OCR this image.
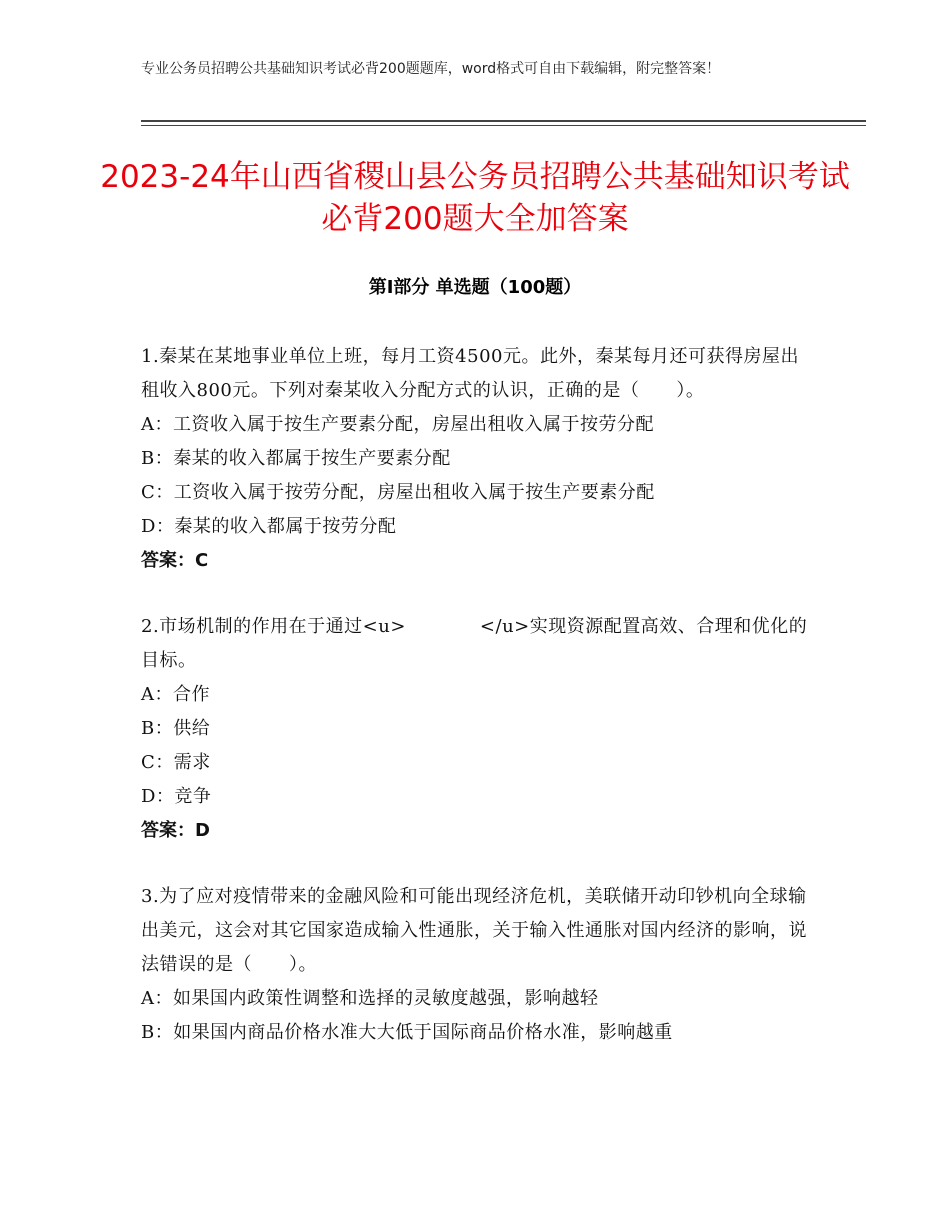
专业公务员招聘公共基础知识考试必背200题题库，word格式可自由下载编辑，附完整答案！
2023-24年山西省稷山县公务员招聘公共基础知识考试必背200题大全加答案
第Ⅰ部分 单选题（100题）

1.秦某在某地事业单位上班，每月工资4500元。此外，秦某每月还可获得房屋出租收入800元。下列对秦某收入分配方式的认识，正确的是（　　）。

A：工资收入属于按生产要素分配，房屋出租收入属于按劳分配

B：秦某的收入都属于按生产要素分配

C：工资收入属于按劳分配，房屋出租收入属于按生产要素分配

D：秦某的收入都属于按劳分配

答案：C

2.市场机制的作用在于通过<u>　　　　</u>实现资源配置高效、合理和优化的目标。

A：合作

B：供给

C：需求

D：竞争

答案：D

3.为了应对疫情带来的金融风险和可能出现经济危机，美联储开动印钞机向全球输出美元，这会对其它国家造成输入性通胀，关于输入性通胀对国内经济的影响，说法错误的是（　　）。

A：如果国内政策性调整和选择的灵敏度越强，影响越轻

B：如果国内商品价格水准大大低于国际商品价格水准，影响越重
